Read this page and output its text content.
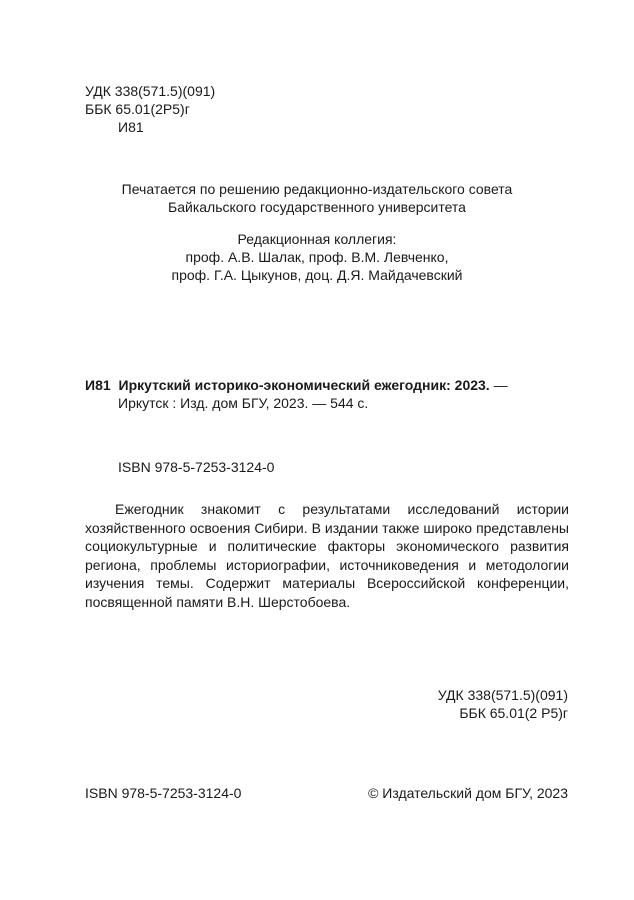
УДК 338(571.5)(091)
ББК 65.01(2Р5)г
И81
Печатается по решению редакционно-издательского совета
Байкальского государственного университета
Редакционная коллегия:
проф. А.В. Шалак, проф. В.М. Левченко,
проф. Г.А. Цыкунов, доц. Д.Я. Майдачевский
И81 Иркутский историко-экономический ежегодник: 2023. —
Иркутск : Изд. дом БГУ, 2023. — 544 с.
ISBN 978-5-7253-3124-0
Ежегодник знакомит с результатами исследований истории хозяйственного освоения Сибири. В издании также широко представлены социокультурные и политические факторы экономического развития региона, проблемы историографии, источниковедения и методологии изучения темы. Содержит материалы Всероссийской конференции, посвященной памяти В.Н. Шерстобоева.
УДК 338(571.5)(091)
ББК 65.01(2 Р5)г
ISBN 978-5-7253-3124-0	© Издательский дом БГУ, 2023
